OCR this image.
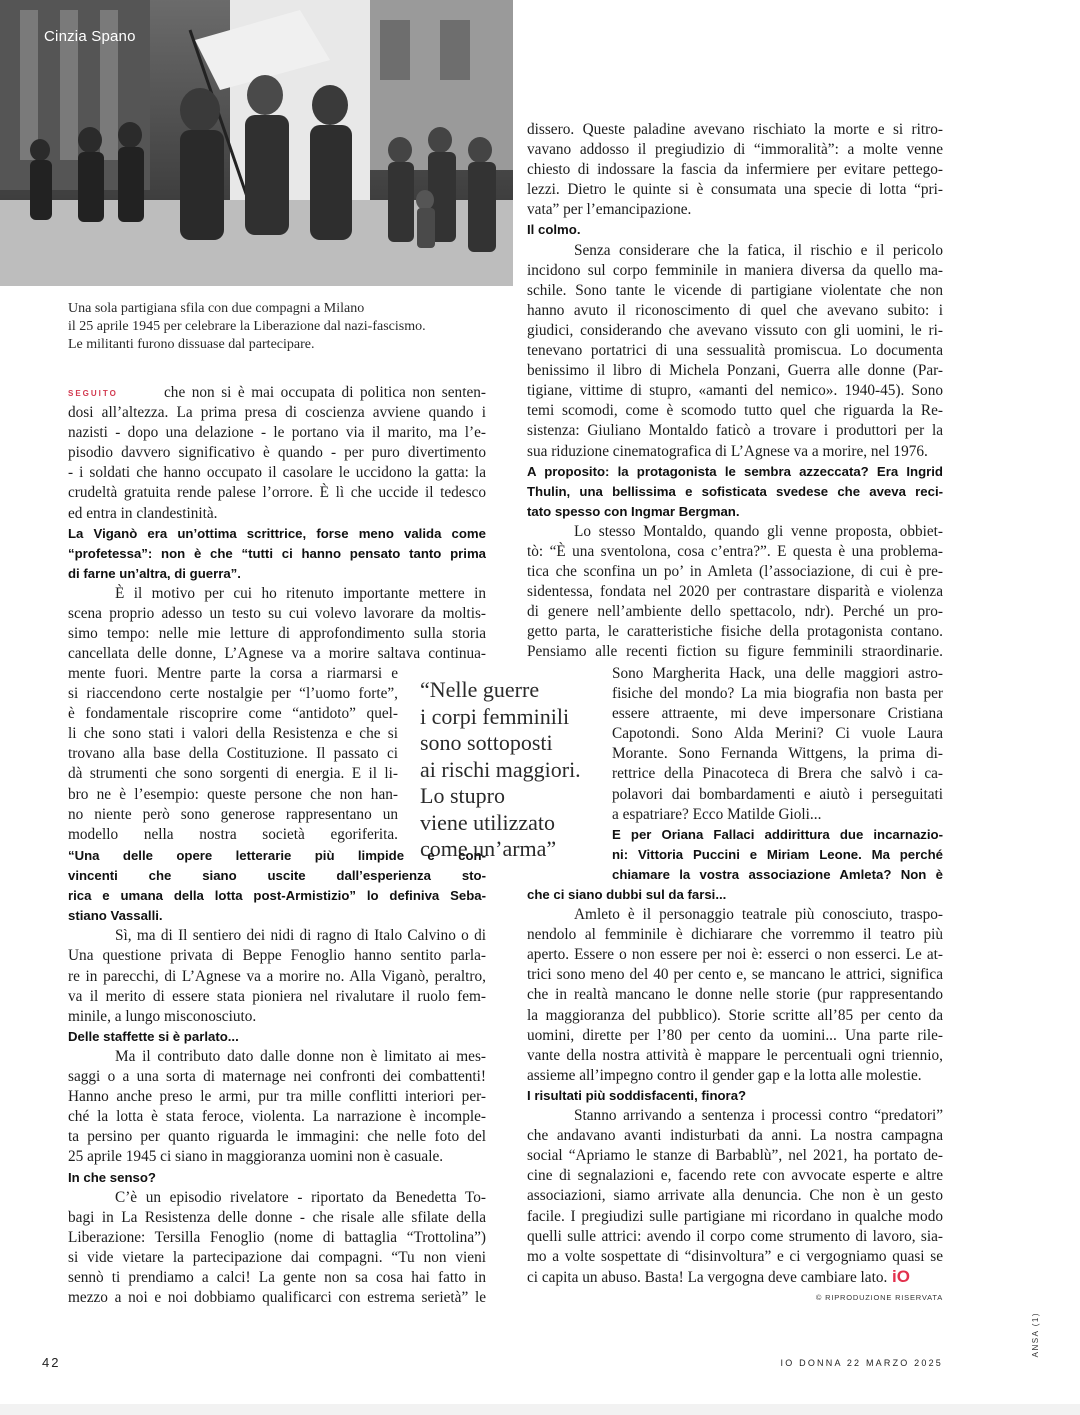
Cinzia Spano
Una sola partigiana sfila con due compagni a Milano
il 25 aprile 1945 per celebrare la Liberazione dal nazi-fascismo.
Le militanti furono dissuase dal partecipare.
SEGUITO	che non si è mai occupata di politica non senten-
dosi all’altezza. La prima presa di coscienza avviene quando i
nazisti - dopo una delazione - le portano via il marito, ma l’e-
pisodio davvero significativo è quando - per puro divertimento
- i soldati che hanno occupato il casolare le uccidono la gatta: la
crudeltà gratuita rende palese l’orrore. È lì che uccide il tedesco
ed entra in clandestinità.
La Viganò era un’ottima scrittrice, forse meno valida come
“profetessa”: non è che “tutti ci hanno pensato tanto prima
di farne un’altra, di guerra”.
È il motivo per cui ho ritenuto importante mettere in
scena proprio adesso un testo su cui volevo lavorare da moltis-
simo tempo: nelle mie letture di approfondimento sulla storia
cancellata delle donne, L’Agnese va a morire saltava continua-
mente fuori. Mentre parte la corsa a riarmarsi e
si riaccendono certe nostalgie per “l’uomo forte”,
è fondamentale riscoprire come “antidoto” quel-
li che sono stati i valori della Resistenza e che si
trovano alla base della Costituzione. Il passato ci
dà strumenti che sono sorgenti di energia. E il li-
bro ne è l’esempio: queste persone che non han-
no niente però sono generose rappresentano un
modello nella nostra società egoriferita.
“Nelle guerre
i corpi femminili
sono sottoposti
ai rischi maggiori.
Lo stupro
viene utilizzato
come un’arma”
“Una delle opere letterarie più limpide e con-
vincenti che siano uscite dall’esperienza sto-
rica e umana della lotta post-Armistizio” lo definiva Seba-
stiano Vassalli.
Sì, ma di Il sentiero dei nidi di ragno di Italo Calvino o di
Una questione privata di Beppe Fenoglio hanno sentito parla-
re in parecchi, di L’Agnese va a morire no. Alla Viganò, peraltro,
va il merito di essere stata pioniera nel rivalutare il ruolo fem-
minile, a lungo misconosciuto.
Delle staffette si è parlato...
Ma il contributo dato dalle donne non è limitato ai mes-
saggi o a una sorta di maternage nei confronti dei combattenti!
Hanno anche preso le armi, pur tra mille conflitti interiori per-
ché la lotta è stata feroce, violenta. La narrazione è incomple-
ta persino per quanto riguarda le immagini: che nelle foto del
25 aprile 1945 ci siano in maggioranza uomini non è casuale.
In che senso?
C’è un episodio rivelatore - riportato da Benedetta To-
bagi in La Resistenza delle donne - che risale alle sfilate della
Liberazione: Tersilla Fenoglio (nome di battaglia “Trottolina”)
si vide vietare la partecipazione dai compagni. “Tu non vieni
sennò ti prendiamo a calci! La gente non sa cosa hai fatto in
mezzo a noi e noi dobbiamo qualificarci con estrema serietà” le
dissero. Queste paladine avevano rischiato la morte e si ritro-
vavano addosso il pregiudizio di “immoralità”: a molte venne
chiesto di indossare la fascia da infermiere per evitare pettego-
lezzi. Dietro le quinte si è consumata una specie di lotta “pri-
vata” per l’emancipazione.
Il colmo.
Senza considerare che la fatica, il rischio e il pericolo
incidono sul corpo femminile in maniera diversa da quello ma-
schile. Sono tante le vicende di partigiane violentate che non
hanno avuto il riconoscimento di quel che avevano subito: i
giudici, considerando che avevano vissuto con gli uomini, le ri-
tenevano portatrici di una sessualità promiscua. Lo documenta
benissimo il libro di Michela Ponzani, Guerra alle donne (Par-
tigiane, vittime di stupro, «amanti del nemico». 1940-45). Sono
temi scomodi, come è scomodo tutto quel che riguarda la Re-
sistenza: Giuliano Montaldo faticò a trovare i produttori per la
sua riduzione cinematografica di L’Agnese va a morire, nel 1976.
A proposito: la protagonista le sembra azzeccata? Era Ingrid
Thulin, una bellissima e sofisticata svedese che aveva reci-
tato spesso con Ingmar Bergman.
Lo stesso Montaldo, quando gli venne proposta, obbiet-
tò: “È una sventolona, cosa c’entra?”. E questa è una problema-
tica che sconfina un po’ in Amleta (l’associazione, di cui è pre-
sidentessa, fondata nel 2020 per contrastare disparità e violenza
di genere nell’ambiente dello spettacolo, ndr). Perché un pro-
getto parta, le caratteristiche fisiche della protagonista contano.
Pensiamo alle recenti fiction su figure femminili straordinarie.
Sono Margherita Hack, una delle maggiori astro-
fisiche del mondo? La mia biografia non basta per
essere attraente, mi deve impersonare Cristiana
Capotondi. Sono Alda Merini? Ci vuole Laura
Morante. Sono Fernanda Wittgens, la prima di-
rettrice della Pinacoteca di Brera che salvò i ca-
polavori dai bombardamenti e aiutò i perseguitati
a espatriare? Ecco Matilde Gioli...
E per Oriana Fallaci addirittura due incarnazio-
ni: Vittoria Puccini e Miriam Leone. Ma perché
chiamare la vostra associazione Amleta? Non è
che ci siano dubbi sul da farsi...
Amleto è il personaggio teatrale più conosciuto, traspo-
nendolo al femminile è dichiarare che vorremmo il teatro più
aperto. Essere o non essere per noi è: esserci o non esserci. Le at-
trici sono meno del 40 per cento e, se mancano le attrici, significa
che in realtà mancano le donne nelle storie (pur rappresentando
la maggioranza del pubblico). Storie scritte all’85 per cento da
uomini, dirette per l’80 per cento da uomini... Una parte rile-
vante della nostra attività è mappare le percentuali ogni triennio,
assieme all’impegno contro il gender gap e la lotta alle molestie.
I risultati più soddisfacenti, finora?
Stanno arrivando a sentenza i processi contro “predatori”
che andavano avanti indisturbati da anni. La nostra campagna
social “Apriamo le stanze di Barbablù”, nel 2021, ha portato de-
cine di segnalazioni e, facendo rete con avvocate esperte e altre
associazioni, siamo arrivate alla denuncia. Che non è un gesto
facile. I pregiudizi sulle partigiane mi ricordano in qualche modo
quelli sulle attrici: avendo il corpo come strumento di lavoro, sia-
mo a volte sospettate di “disinvoltura” e ci vergogniamo quasi se
ci capita un abuso. Basta! La vergogna deve cambiare lato. iO
© RIPRODUZIONE RISERVATA
42	IO DONNA 22 MARZO 2025
ANSA (1)
